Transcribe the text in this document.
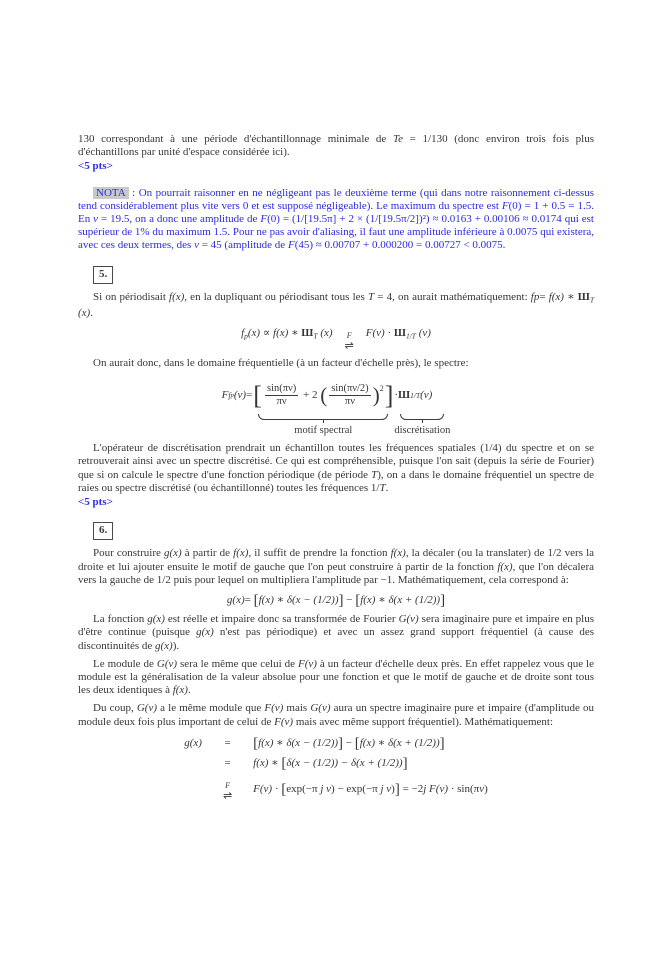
130 correspondant à une période d'échantillonnage minimale de Te = 1/130 (donc environ trois fois plus d'échantillons par unité d'espace considérée ici).

<5 pts>

NOTA : On pourrait raisonner en ne négligeant pas le deuxième terme (qui dans notre raisonnement ci-dessus tend considérablement plus vite vers 0 et est supposé négligeable). Le maximum du spectre est F(0) = 1 + 0.5 = 1.5. En ν = 19.5, on a donc une amplitude de F(0) = (1/[19.5π] + 2 × (1/[19.5π/2])²) ≈ 0.0163 + 0.00106 ≈ 0.0174 qui est supérieur de 1% du maximum 1.5. Pour ne pas avoir d'aliasing, il faut une amplitude inférieure à 0.0075 qui existera, avec ces deux termes, des ν = 45 (amplitude de F(45) ≈ 0.00707 + 0.000200 = 0.00727 < 0.0075.

5.

Si on périodisait f(x), en la dupliquant ou périodisant tous les T = 4, on aurait mathématiquement: fp= f(x) ∗ $Ш_T$ (x).

$f_p(x) \propto f(x)$ ∗ $Ш_T$ (x) F
⇌
$F(\nu) \cdot Ш_{1/T}$ (ν)

On aurait donc, dans le domaine fréquentielle (à un facteur d'échelle près), le spectre:

F f p (ν) = [ $\frac{\sin(\pi\nu)}{\pi\nu} + 2$ ( $\frac{\sin(\pi\nu/2)}{\pi\nu}$ ) 2 ]
motif spectral
· Ш 1/T (ν)
discrétisation

L'opérateur de discrétisation prendrait un échantillon toutes les fréquences spatiales (1/4) du spectre et on se retrouverait ainsi avec un spectre discrétisé. Ce qui est compréhensible, puisque l'on sait (depuis la série de Fourier) que si on calcule le spectre d'une fonction périodique (de période T), on a dans le domaine fréquentiel un spectre de raies ou spectre discrétisé (ou échantillonné) toutes les fréquences 1/T.

<5 pts>

6.

Pour construire g(x) à partir de f(x), il suffit de prendre la fonction f(x), la décaler (ou la translater) de 1/2 vers la droite et lui ajouter ensuite le motif de gauche que l'on peut construire à partir de la fonction f(x), que l'on décalera vers la gauche de 1/2 puis pour lequel on multipliera l'amplitude par −1. Mathématiquement, cela correspond à:

g(x)= [f(x) ∗ δ(x − (1/2))] − [f(x) ∗ δ(x + (1/2))]

La fonction g(x) est réelle et impaire donc sa transformée de Fourier G(ν) sera imaginaire pure et impaire en plus d'être continue (puisque g(x) n'est pas périodique) et avec un assez grand support fréquentiel (à cause des discontinuités de g(x)).

Le module de G(ν) sera le même que celui de F(ν) à un facteur d'échelle deux près. En effet rappelez vous que le module est la généralisation de la valeur absolue pour une fonction et que le motif de gauche et de droite sont tous les deux identiques à f(x).

Du coup, G(ν) a le même module que F(ν) mais G(ν) aura un spectre imaginaire pure et impaire (d'amplitude ou module deux fois plus important de celui de F(ν) mais avec même support fréquentiel). Mathématiquement:

g(x)	=	[f(x) ∗ δ(x − (1/2))] − [f(x) ∗ δ(x + (1/2))]
=	f(x) ∗ [δ(x − (1/2)) − δ(x + (1/2))]
F
⇌
F(ν) · [exp(−π j ν) − exp(−π j ν)] = −2j F(ν) · sin(πν)
